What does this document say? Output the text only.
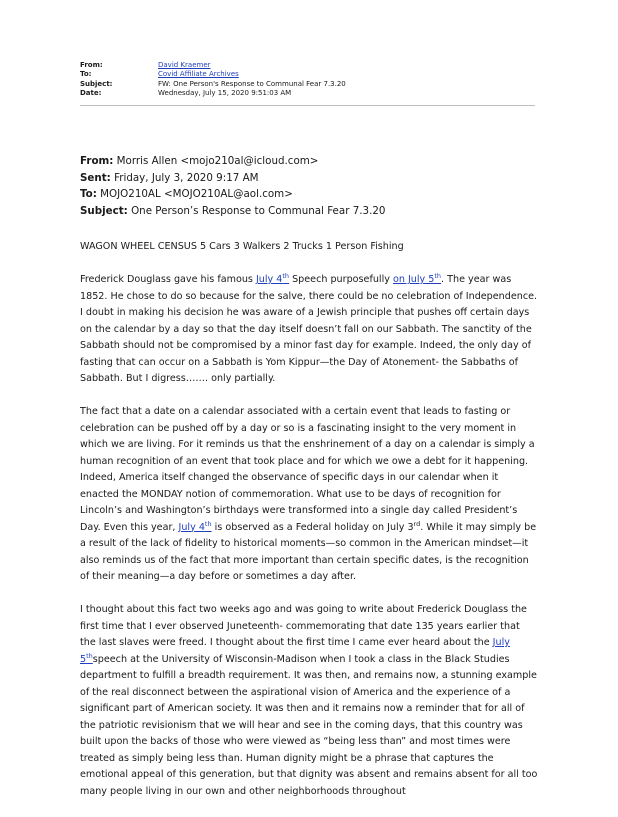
From:	David Kraemer
To:	Covid Affiliate Archives
Subject:	FW: One Person's Response to Communal Fear 7.3.20
Date:	Wednesday, July 15, 2020 9:51:03 AM
From: Morris Allen <mojo210al@icloud.com>
Sent: Friday, July 3, 2020 9:17 AM
To: MOJO210AL <MOJO210AL@aol.com>
Subject: One Person’s Response to Communal Fear 7.3.20

WAGON WHEEL CENSUS 5 Cars 3 Walkers 2 Trucks 1 Person Fishing

Frederick Douglass gave his famous July 4th Speech purposefully on July 5th. The year was 1852. He chose to do so because for the salve, there could be no celebration of Independence. I doubt in making his decision he was aware of a Jewish principle that pushes off certain days on the calendar by a day so that the day itself doesn’t fall on our Sabbath. The sanctity of the Sabbath should not be compromised by a minor fast day for example. Indeed, the only day of fasting that can occur on a Sabbath is Yom Kippur—the Day of Atonement- the Sabbaths of Sabbath. But I digress……. only partially.

The fact that a date on a calendar associated with a certain event that leads to fasting or celebration can be pushed off by a day or so is a fascinating insight to the very moment in which we are living. For it reminds us that the enshrinement of a day on a calendar is simply a human recognition of an event that took place and for which we owe a debt for it happening. Indeed, America itself changed the observance of specific days in our calendar when it enacted the MONDAY notion of commemoration. What use to be days of recognition for Lincoln’s and Washington’s birthdays were transformed into a single day called President’s Day. Even this year, July 4th is observed as a Federal holiday on July 3rd. While it may simply be a result of the lack of fidelity to historical moments—so common in the American mindset—it also reminds us of the fact that more important than certain specific dates, is the recognition of their meaning—a day before or sometimes a day after.

I thought about this fact two weeks ago and was going to write about Frederick Douglass the first time that I ever observed Juneteenth- commemorating that date 135 years earlier that the last slaves were freed. I thought about the first time I came ever heard about the July 5thspeech at the University of Wisconsin-Madison when I took a class in the Black Studies department to fulfill a breadth requirement. It was then, and remains now, a stunning example of the real disconnect between the aspirational vision of America and the experience of a significant part of American society. It was then and it remains now a reminder that for all of the patriotic revisionism that we will hear and see in the coming days, that this country was built upon the backs of those who were viewed as “being less than” and most times were treated as simply being less than. Human dignity might be a phrase that captures the emotional appeal of this generation, but that dignity was absent and remains absent for all too many people living in our own and other neighborhoods throughout
